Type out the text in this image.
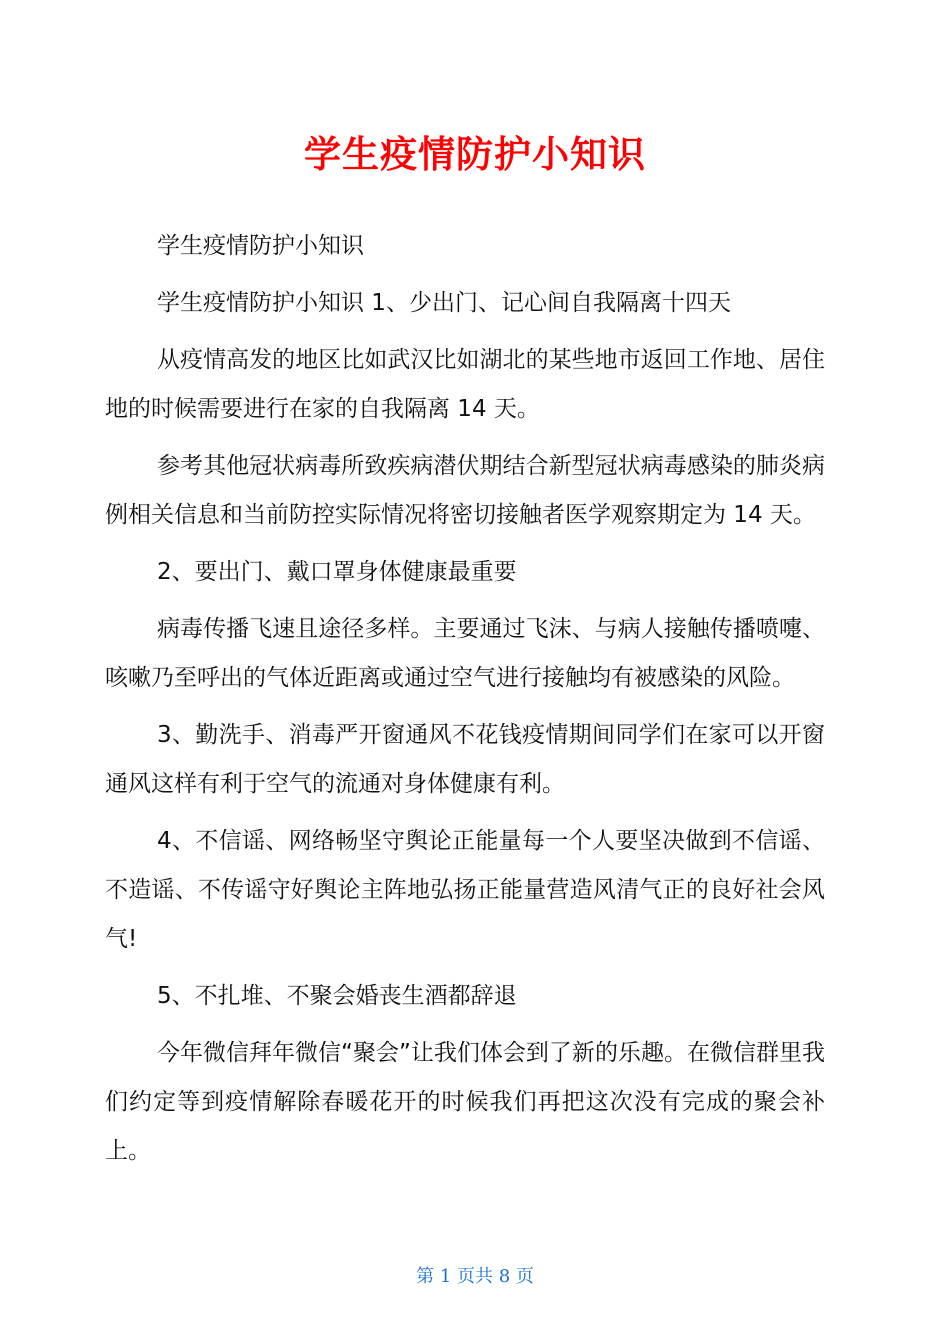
学生疫情防护小知识

学生疫情防护小知识

学生疫情防护小知识 1、少出门、记心间自我隔离十四天

从疫情高发的地区比如武汉比如湖北的某些地市返回工作地、居住地的时候需要进行在家的自我隔离 14 天。

参考其他冠状病毒所致疾病潜伏期结合新型冠状病毒感染的肺炎病例相关信息和当前防控实际情况将密切接触者医学观察期定为 14 天。

2、要出门、戴口罩身体健康最重要

病毒传播飞速且途径多样。主要通过飞沫、与病人接触传播喷嚏、咳嗽乃至呼出的气体近距离或通过空气进行接触均有被感染的风险。

3、勤洗手、消毒严开窗通风不花钱疫情期间同学们在家可以开窗通风这样有利于空气的流通对身体健康有利。

4、不信谣、网络畅坚守舆论正能量每一个人要坚决做到不信谣、不造谣、不传谣守好舆论主阵地弘扬正能量营造风清气正的良好社会风气!

5、不扎堆、不聚会婚丧生酒都辞退

今年微信拜年微信“聚会”让我们体会到了新的乐趣。在微信群里我们约定等到疫情解除春暖花开的时候我们再把这次没有完成的聚会补上。

第 1 页共 8 页
